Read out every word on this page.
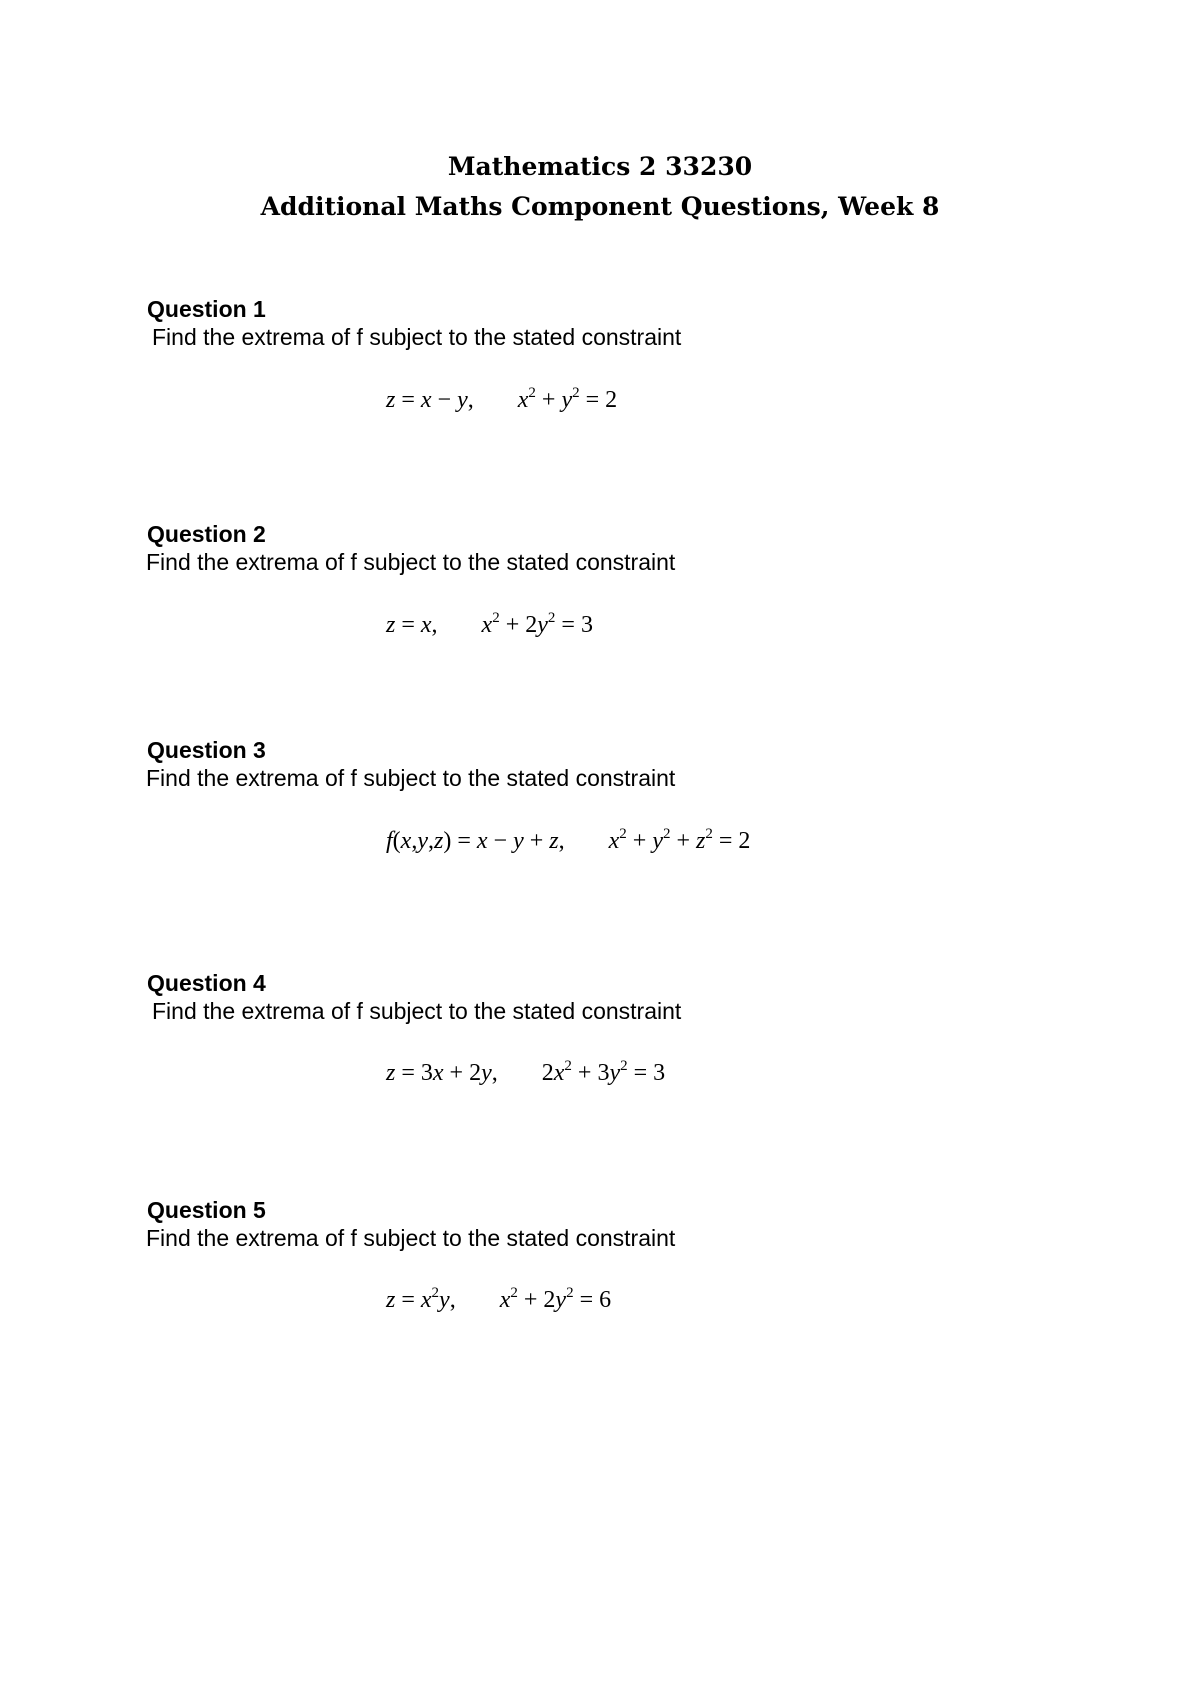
Mathematics 2 33230
Additional Maths Component Questions, Week 8
Question 1
Find the extrema of f subject to the stated constraint
z = x − y, $x^2 + y^2 = 2$
Question 2
Find the extrema of f subject to the stated constraint
z = x, $x^2 + 2y^2 = 3$
Question 3
Find the extrema of f subject to the stated constraint
f(x,y,z) = x − y + z, $x^2 + y^2 + z^2 = 2$
Question 4
Find the extrema of f subject to the stated constraint
z = 3x + 2y, $2x^2 + 3y^2 = 3$
Question 5
Find the extrema of f subject to the stated constraint
$z = x^2y$, $x^2 + 2y^2 = 6$
